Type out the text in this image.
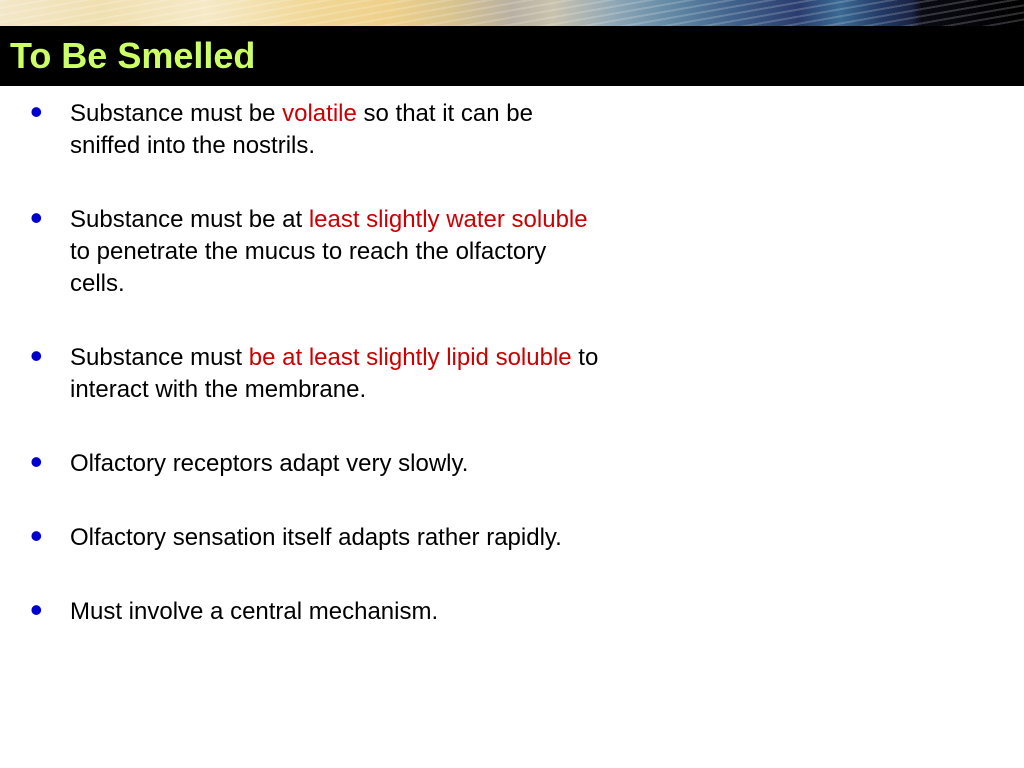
To Be Smelled
• Substance must be volatile so that it can be sniffed into the nostrils.
• Substance must be at least slightly water soluble to penetrate the mucus to reach the olfactory cells.
• Substance must be at least slightly lipid soluble to interact with the membrane.
• Olfactory receptors adapt very slowly.
• Olfactory sensation itself adapts rather rapidly.
• Must involve a central mechanism.
